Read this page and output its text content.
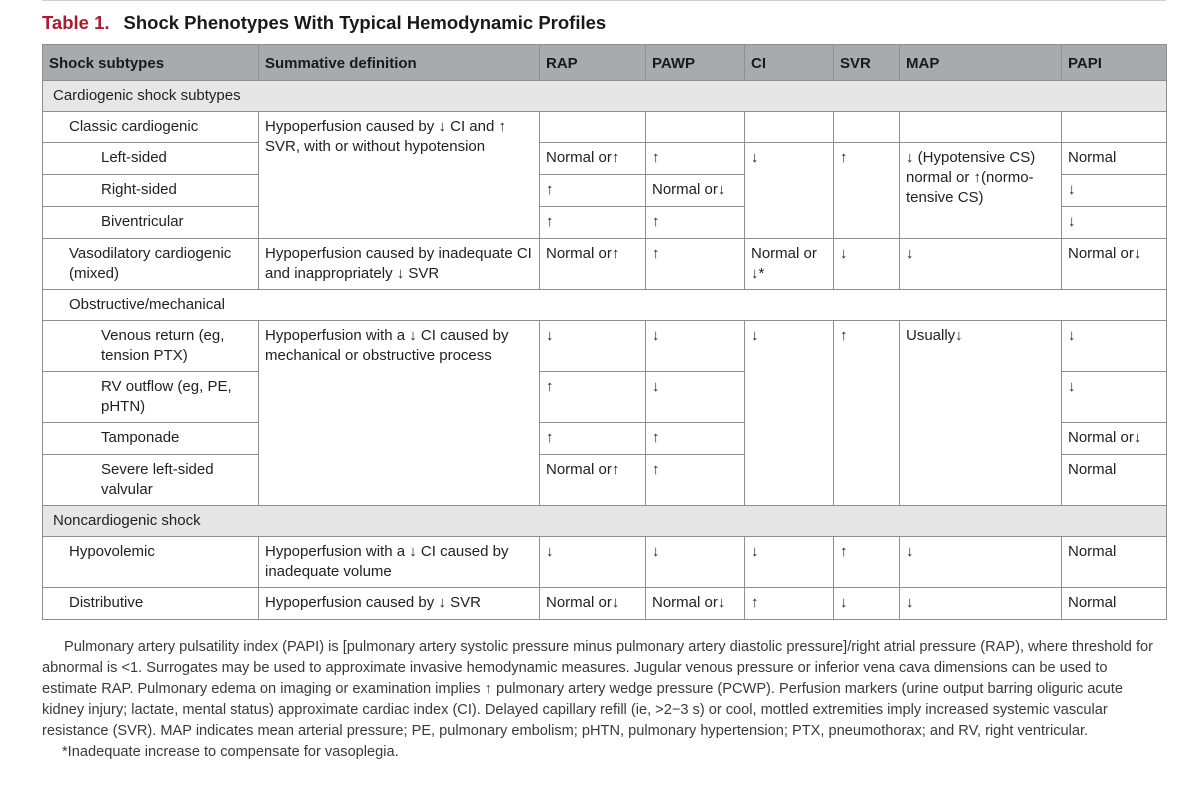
Table 1. Shock Phenotypes With Typical Hemodynamic Profiles
Shock subtypes	Summative definition	RAP	PAWP	CI	SVR	MAP	PAPI
Cardiogenic shock subtypes							
Classic cardiogenic	Hypoperfusion caused by ↓ CI and ↑ SVR, with or without hypotension						
Left-sided		Normal or↑	↑	↓	↑	↓ (Hypotensive CS) normal or ↑(normo-tensive CS)	Normal
Right-sided		↑	Normal or↓				↓
Biventricular		↑	↑				↓
Vasodilatory cardiogenic (mixed)	Hypoperfusion caused by inadequate CI and inappropriately ↓ SVR	Normal or↑	↑	Normal or ↓*	↓	↓	Normal or↓
Obstructive/mechanical							
Venous return (eg, tension PTX)	Hypoperfusion with a ↓ CI caused by mechanical or obstructive process	↓	↓	↓	↑	Usually↓	↓
RV outflow (eg, PE, pHTN)		↑	↓				↓
Tamponade		↑	↑				Normal or↓
Severe left-sided valvular		Normal or↑	↑				Normal
Noncardiogenic shock							
Hypovolemic	Hypoperfusion with a ↓ CI caused by inadequate volume	↓	↓	↓	↑	↓	Normal
Distributive	Hypoperfusion caused by ↓ SVR	Normal or↓	Normal or↓	↑	↓	↓	Normal

Pulmonary artery pulsatility index (PAPI) is [pulmonary artery systolic pressure minus pulmonary artery diastolic pressure]/right atrial pressure (RAP), where threshold for abnormal is <1. Surrogates may be used to approximate invasive hemodynamic measures. Jugular venous pressure or inferior vena cava dimensions can be used to estimate RAP. Pulmonary edema on imaging or examination implies ↑ pulmonary artery wedge pressure (PCWP). Perfusion markers (urine output barring oliguric acute kidney injury; lactate, mental status) approximate cardiac index (CI). Delayed capillary refill (ie, >2−3 s) or cool, mottled extremities imply increased systemic vascular resistance (SVR). MAP indicates mean arterial pressure; PE, pulmonary embolism; pHTN, pulmonary hypertension; PTX, pneumothorax; and RV, right ventricular.

*Inadequate increase to compensate for vasoplegia.
